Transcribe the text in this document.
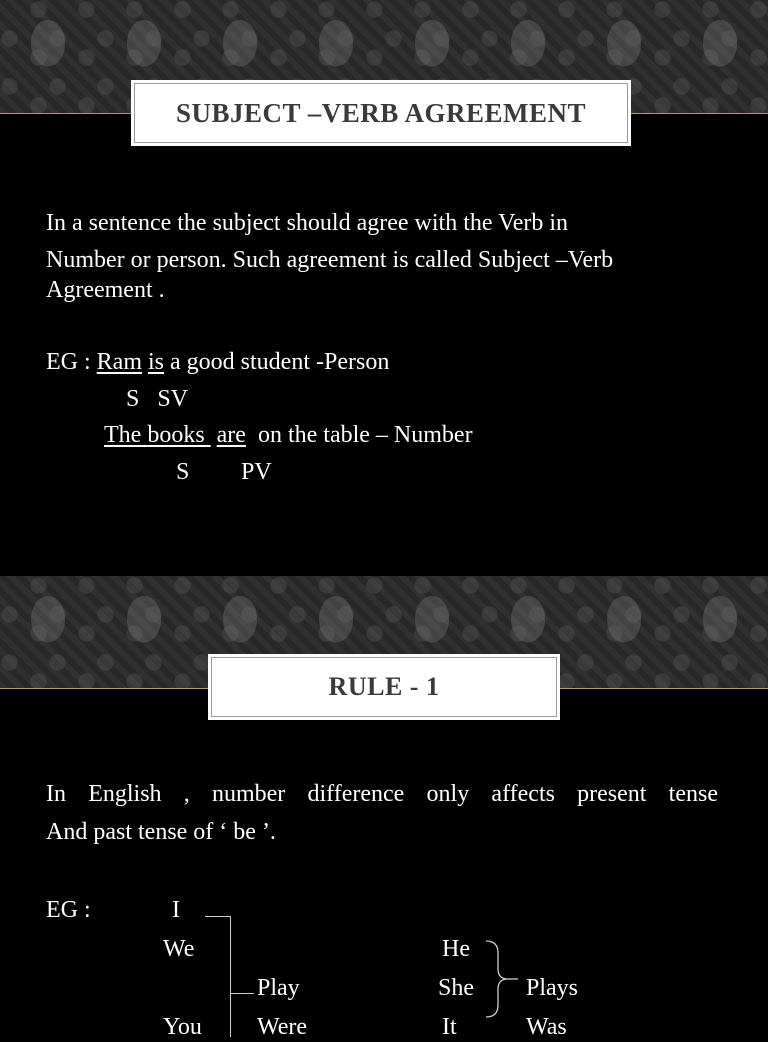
SUBJECT –VERB AGREEMENT
In a sentence the subject should agree with the Verb in
Number or person. Such agreement is called Subject –Verb
Agreement .
EG : Ram is a good student -Person
S   SV
The books  are  on the table – Number
S PV
RULE - 1
In English , number difference only affects present tense
And past tense of ‘ be ’.
EG :	I
We
You
Play
Were
He
She
It
Plays
Was
